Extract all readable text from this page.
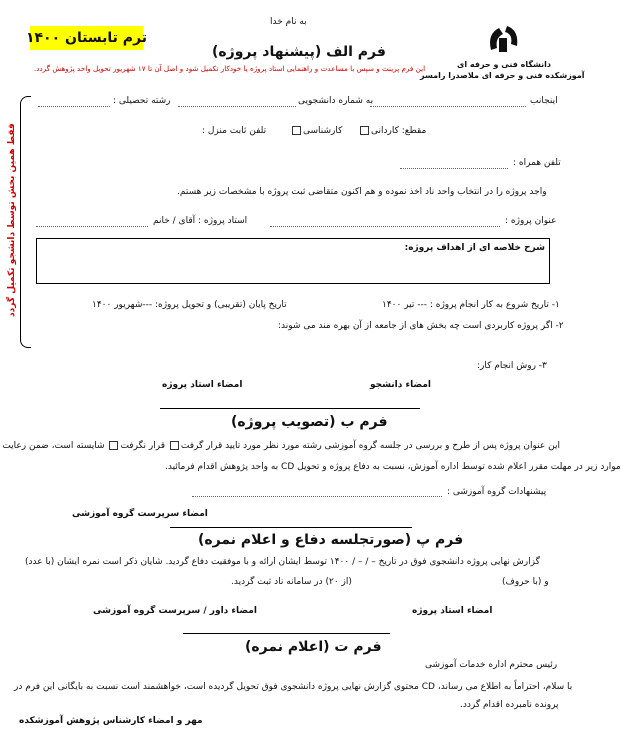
به نام خدا
ترم تابستان ۱۴۰۰
دانشگاه فنی و حرفه ای
آموزشکده فنی و حرفه ای ملاصدرا رامسر
فرم الف (پیشنهاد پروژه)
این فرم پرینت و سپس با مساعدت و راهنمایی استاد پروژه یا خودکار تکمیل شود و اصل آن تا ۱۷ شهریور تحویل واحد پژوهش گردد.
فقط همین بخش توسط دانشجو تکمیل گردد
اینجانب
به شماره دانشجویی
رشته تحصیلی :
مقطع: کاردانی
کارشناسی
تلفن ثابت منزل :
تلفن همراه :
واجد پروژه را در انتخاب واحد ناد اخذ نموده و هم اکنون متقاضی ثبت پروژه با مشخصات زیر هستم.
عنوان پروژه :
استاد پروژه : آقای / خانم
شرح خلاصه ای از اهداف پروژه:
۱- تاریخ شروع به کار انجام پروژه : --- تیر ۱۴۰۰
تاریخ پایان (تقریبی) و تحویل پروژه: ---شهریور ۱۴۰۰
۲- اگر پروژه کاربردی است چه بخش های از جامعه از آن بهره مند می شوند:
۳- روش انجام کار:
امضاء دانشجو
امضاء استاد پروژه
فرم ب (تصویب پروژه)
این عنوان پروژه پس از طرح و بررسی در جلسه گروه آموزشی رشته مورد نظر مورد تایید قرار گرفت قرار نگرفت شایسته است، ضمن رعایت
موارد زیر در مهلت مقرر اعلام شده توسط اداره آموزش، نسبت به دفاع پروژه و تحویل CD به واحد پژوهش اقدام فرمائید.
پیشنهادات گروه آموزشی :
امضاء سرپرست گروه آموزشی
فرم پ (صورتجلسه دفاع و اعلام نمره)
گزارش نهایی پروژه دانشجوی فوق در تاریخ – / – / ۱۴۰۰ توسط ایشان ارائه و با موفقیت دفاع گردید. شایان ذکر است نمره ایشان (با عدد)
و (با حروف)
(از ۲۰) در سامانه ناد ثبت گردید.
امضاء استاد پروژه
امضاء داور / سرپرست گروه آموزشی
فرم ت (اعلام نمره)
رئیس محترم اداره خدمات آموزشی
با سلام، احتراماً به اطلاع می رساند، CD محتوی گزارش نهایی پروژه دانشجوی فوق تحویل گردیده است، خواهشمند است نسبت به بایگانی این فرم در
پرونده نامبرده اقدام گردد.
مهر و امضاء کارشناس پژوهش آموزشکده
